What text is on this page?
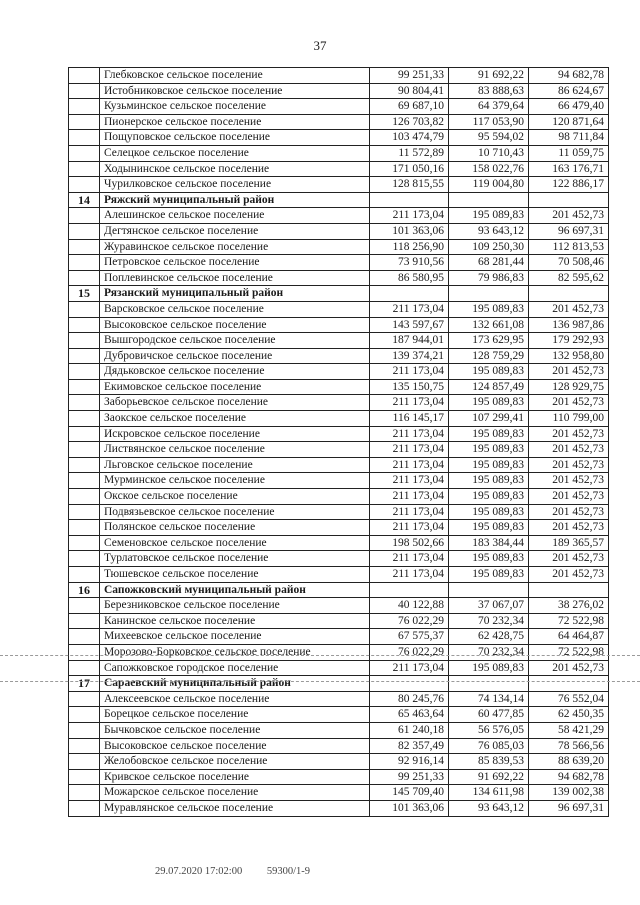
37
	Глебковское сельское поселение	99 251,33	91 692,22	94 682,78
	Истобниковское сельское поселение	90 804,41	83 888,63	86 624,67
	Кузьминское сельское поселение	69 687,10	64 379,64	66 479,40
	Пионерское сельское поселение	126 703,82	117 053,90	120 871,64
	Пощуповское сельское поселение	103 474,79	95 594,02	98 711,84
	Селецкое сельское поселение	11 572,89	10 710,43	11 059,75
	Ходынинское сельское поселение	171 050,16	158 022,76	163 176,71
	Чурилковское сельское поселение	128 815,55	119 004,80	122 886,17
14	Ряжский муниципальный район			
	Алешинское сельское поселение	211 173,04	195 089,83	201 452,73
	Дегтянское сельское поселение	101 363,06	93 643,12	96 697,31
	Журавинское сельское поселение	118 256,90	109 250,30	112 813,53
	Петровское сельское поселение	73 910,56	68 281,44	70 508,46
	Поплевинское сельское поселение	86 580,95	79 986,83	82 595,62
15	Рязанский муниципальный район			
	Варсковское сельское поселение	211 173,04	195 089,83	201 452,73
	Высоковское сельское поселение	143 597,67	132 661,08	136 987,86
	Вышгородское сельское поселение	187 944,01	173 629,95	179 292,93
	Дубровичское сельское поселение	139 374,21	128 759,29	132 958,80
	Дядьковское сельское поселение	211 173,04	195 089,83	201 452,73
	Екимовское сельское поселение	135 150,75	124 857,49	128 929,75
	Заборьевское сельское поселение	211 173,04	195 089,83	201 452,73
	Заокское сельское поселение	116 145,17	107 299,41	110 799,00
	Искровское сельское поселение	211 173,04	195 089,83	201 452,73
	Листвянское сельское поселение	211 173,04	195 089,83	201 452,73
	Льговское сельское поселение	211 173,04	195 089,83	201 452,73
	Мурминское сельское поселение	211 173,04	195 089,83	201 452,73
	Окское сельское поселение	211 173,04	195 089,83	201 452,73
	Подвязьевское сельское поселение	211 173,04	195 089,83	201 452,73
	Полянское сельское поселение	211 173,04	195 089,83	201 452,73
	Семеновское сельское поселение	198 502,66	183 384,44	189 365,57
	Турлатовское сельское поселение	211 173,04	195 089,83	201 452,73
	Тюшевское сельское поселение	211 173,04	195 089,83	201 452,73
16	Сапожковский муниципальный район			
	Березниковское сельское поселение	40 122,88	37 067,07	38 276,02
	Канинское сельское поселение	76 022,29	70 232,34	72 522,98
	Михеевское сельское поселение	67 575,37	62 428,75	64 464,87
	Морозово-Борковское сельское поселение	76 022,29	70 232,34	72 522,98
	Сапожковское городское поселение	211 173,04	195 089,83	201 452,73
17	Сараевский муниципальный район			
	Алексеевское сельское поселение	80 245,76	74 134,14	76 552,04
	Борецкое сельское поселение	65 463,64	60 477,85	62 450,35
	Бычковское сельское поселение	61 240,18	56 576,05	58 421,29
	Высоковское сельское поселение	82 357,49	76 085,03	78 566,56
	Желобовское сельское поселение	92 916,14	85 839,53	88 639,20
	Кривское сельское поселение	99 251,33	91 692,22	94 682,78
	Можарское сельское поселение	145 709,40	134 611,98	139 002,38
	Муравлянское сельское поселение	101 363,06	93 643,12	96 697,31
29.07.2020 17:02:00 59300/1-9
